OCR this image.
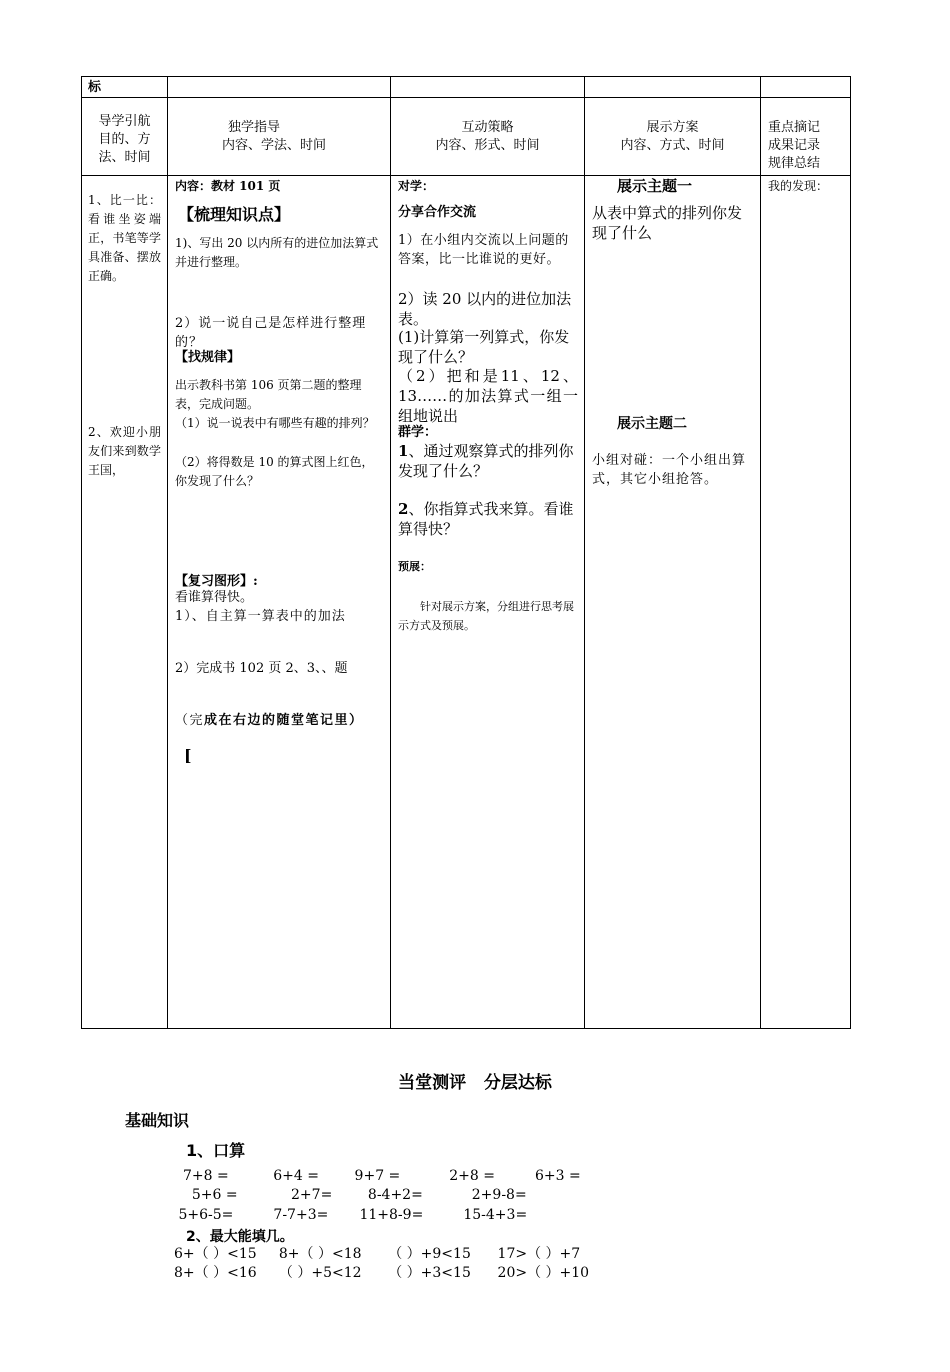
标

导学引航

目的、方

法、时间

独学指导

内容、学法、时间

互动策略

内容、形式、时间

展示方案

内容、方式、时间

重点摘记

成果记录

规律总结

1、比一比：看谁坐姿端正，书笔等学具准备、摆放正确。
2、欢迎小朋友们来到数学王国，
内容：教材 101 页
【梳理知识点】
1)、写出 20 以内所有的进位加法算式并进行整理。
2）说一说自己是怎样进行整理的？
【找规律】
出示教科书第 106 页第二题的整理表，完成问题。
（1）说一说表中有哪些有趣的排列？
（2）将得数是 10 的算式图上红色，你发现了什么？
【复习图形】:
看谁算得快。
1）、自主算一算表中的加法
2）完成书 102 页 2、3、、题
（完成在右边的随堂笔记里）
[
对学：
分享合作交流
1）在小组内交流以上问题的答案，比一比谁说的更好。
2）读 20 以内的进位加法表。
(1)计算第一列算式，你发现了什么？
（2）把和是11、12、13……的加法算式一组一组地说出
群学：
1、通过观察算式的排列你发现了什么？
2、你指算式我来算。看谁算得快？
预展：
针对展示方案，分组进行思考展示方式及预展。
展示主题一
从表中算式的排列你发现了什么
展示主题二
小组对碰：一个小组出算式，其它小组抢答。
我的发现：
当堂测评   分层达标
基础知识
1、口算
7+8 =          6+4 =        9+7 =           2+8 =         6+3 =
5+6 =            2+7=        8-4+2=           2+9-8=
5+6-5=         7-7+3=       11+8-9=         15-4+3=
2、最大能填几。
6+（ ）<15     8+（ ）<18      （ ）+9<15      17>（ ）+7
8+（ ）<16     （ ）+5<12      （ ）+3<15      20>（ ）+10
